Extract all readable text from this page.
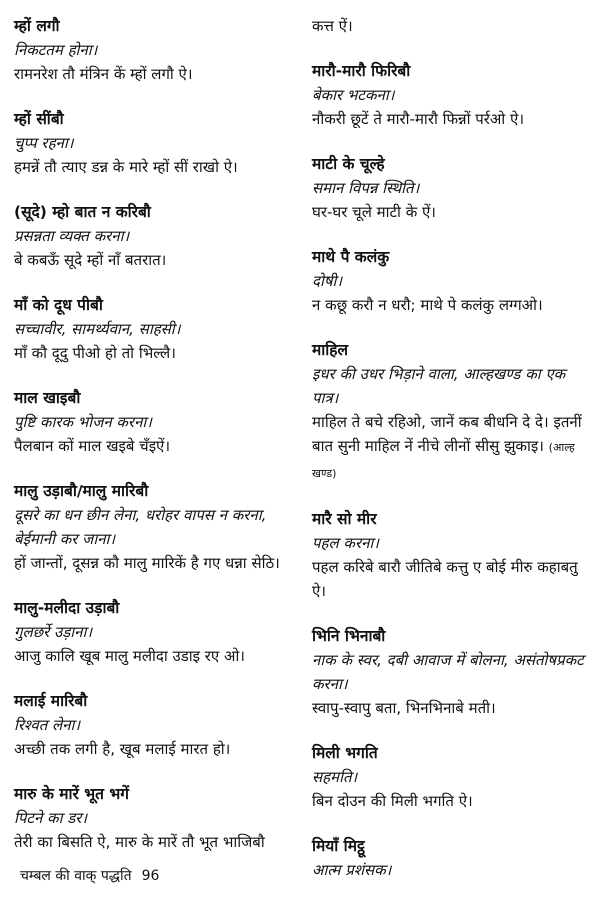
म्हों लगौ
निकटतम होना।
रामनरेश तौ मंत्रिन कें म्हों लगौ ऐ।
म्हों सींबौ
चुप्प रहना।
हमन्नें तौ त्याए डन्न के मारे म्हों सीं राखो ऐ।
(सूदे) म्हो बात न करिबौ
प्रसन्नता व्यक्त करना।
बे कबऊँ सूदे म्हों नाँ बतरात।
माँ को दूध पीबौ
सच्चावीर, सामर्थ्यवान, साहसी।
माँ कौ दूदु पीओ हो तो भिल्लै।
माल खाइबौ
पुष्टि कारक भोजन करना।
पैलबान कों माल खइबे चँइऐं।
मालु उड़ाबौ/मालु मारिबौ
दूसरे का धन छीन लेना, धरोहर वापस न करना, बेईमानी कर जाना।
हों जान्तों, दूसन्न कौ मालु मारिकें है गए धन्ना सेठि।
मालु-मलीदा उड़ाबौ
गुलछर्रे उड़ाना।
आजु कालि खूब मालु मलीदा उडाइ रए ओ।
मलाई मारिबौ
रिश्वत लेना।
अच्छी तक लगी है, खूब मलाई मारत हो।
मारु के मारें भूत भगें
पिटने का डर।
तेरी का बिसति ऐ, मारु के मारें तौ भूत भाजिबौ
कत्त ऐं।
मारौ-मारौ फिरिबौ
बेकार भटकना।
नौकरी छूटें ते मारौ-मारौ फिन्नों पर्रओ ऐ।
माटी के चूल्हे
समान विपन्न स्थिति।
घर-घर चूले माटी के ऐं।
माथे पै कलंकु
दोषी।
न कछू करौ न धरौ; माथे पे कलंकु लग्गओ।
माहिल
इधर की उधर भिड़ाने वाला, आल्हखण्ड का एक पात्र।
माहिल ते बचे रहिओ, जानें कब बीधनि दे दे। इतनीं बात सुनी माहिल नें नीचे लीनों सीसु झुकाइ। (आल्ह खण्ड)
मारै सो मीर
पहल करना।
पहल करिबे बारौ जीतिबे कत्तु ए बोई मीरु कहाबतु ऐ।
भिनि भिनाबौ
नाक के स्वर, दबी आवाज में बोलना, असंतोषप्रकट करना।
स्वापु-स्वापु बता, भिनभिनाबे मती।
मिली भगति
सहमति।
बिन दोउन की मिली भगति ऐ।
मियाँ मिट्ठू
आत्म प्रशंसक।
चम्बल की वाक् पद्धति 96
